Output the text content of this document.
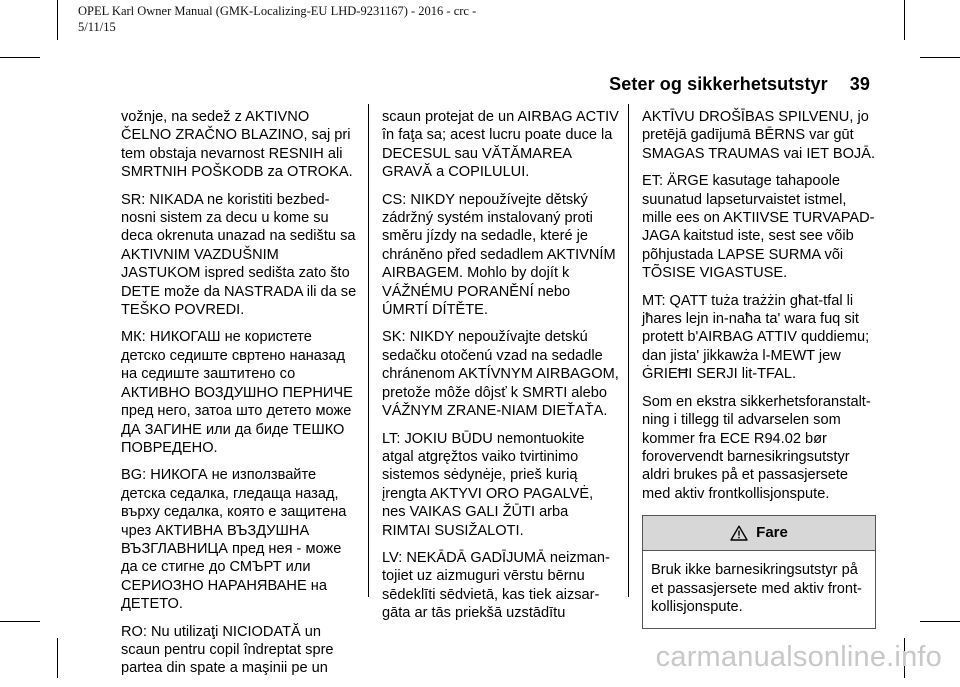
OPEL Karl Owner Manual (GMK-Localizing-EU LHD-9231167) - 2016 - crc -
5/11/15
Seter og sikkerhetsutstyr 39

vožnje, na sedež z AKTIVNO ČELNO ZRAČNO BLAZINO, saj pri tem obstaja nevarnost RESNIH ali SMRTNIH POŠKODB za OTROKA.

SR: NIKADA ne koristiti bezbed-nosni sistem za decu u kome su deca okrenuta unazad na sedištu sa AKTIVNIM VAZDUŠNIM JASTUKOM ispred sedišta zato što DETE može da NASTRADA ili da se TEŠKO POVREDI.

МК: НИКОГАШ не користете детско седиште свртено наназад на седиште заштитено со АКТИВНО ВОЗДУШНО ПЕРНИЧЕ пред него, затоа што детето може ДА ЗАГИНЕ или да биде ТЕШКО ПОВРЕДЕНО.

BG: НИКОГА не използвайте детска седалка, гледаща назад, върху седалка, която е защитена чрез АКТИВНА ВЪЗДУШНА ВЪЗГЛАВНИЦА пред нея - може да се стигне до СМЪРТ или СЕРИОЗНО НАРАНЯВАНЕ на ДЕТЕТО.

RO: Nu utilizaţi NICIODATĂ un scaun pentru copil îndreptat spre partea din spate a maşinii pe un

scaun protejat de un AIRBAG ACTIV în faţa sa; acest lucru poate duce la DECESUL sau VĂTĂMAREA GRAVĂ a COPILULUI.

CS: NIKDY nepoužívejte dětský zádržný systém instalovaný proti směru jízdy na sedadle, které je chráněno před sedadlem AKTIVNÍM AIRBAGEM. Mohlo by dojít k VÁŽNÉMU PORANĚNÍ nebo ÚMRTÍ DÍTĚTE.

SK: NIKDY nepoužívajte detskú sedačku otočenú vzad na sedadle chránenom AKTÍVNYM AIRBAGOM, pretože môže dôjsť k SMRTI alebo VÁŽNYM ZRANE-NIAM DIEŤAŤA.

LT: JOKIU BŪDU nemontuokite atgal atgręžtos vaiko tvirtinimo sistemos sėdynėje, prieš kurią įrengta AKTYVI ORO PAGALVĖ, nes VAIKAS GALI ŽŪTI arba RIMTAI SUSIŽALOTI.

LV: NEKĀDĀ GADĪJUMĀ neizman-tojiet uz aizmuguri vērstu bērnu sēdeklīti sēdvietā, kas tiek aizsar-gāta ar tās priekšā uzstādītu

AKTĪVU DROŠĪBAS SPILVENU, jo pretējā gadījumā BĒRNS var gūt SMAGAS TRAUMAS vai IET BOJĀ.

ET: ÄRGE kasutage tahapoole suunatud lapseturvaistet istmel, mille ees on AKTIIVSE TURVAPAD-JAGA kaitstud iste, sest see võib põhjustada LAPSE SURMA või TÕSISE VIGASTUSE.

MT: QATT tuża trażżin għat-tfal li jħares lejn in-naħa ta' wara fuq sit protett b'AIRBAG ATTIV quddiemu; dan jista' jikkawża l-MEWT jew ĠRIEĦI SERJI lit-TFAL.

Som en ekstra sikkerhetsforanstalt-ning i tillegg til advarselen som kommer fra ECE R94.02 bør forovervendt barnesikringsutstyr aldri brukes på et passasjersete med aktiv frontkollisjonspute.

Fare
Bruk ikke barnesikringsutstyr på et passasjersete med aktiv front-kollisjonspute.
carmanualsonline.info
